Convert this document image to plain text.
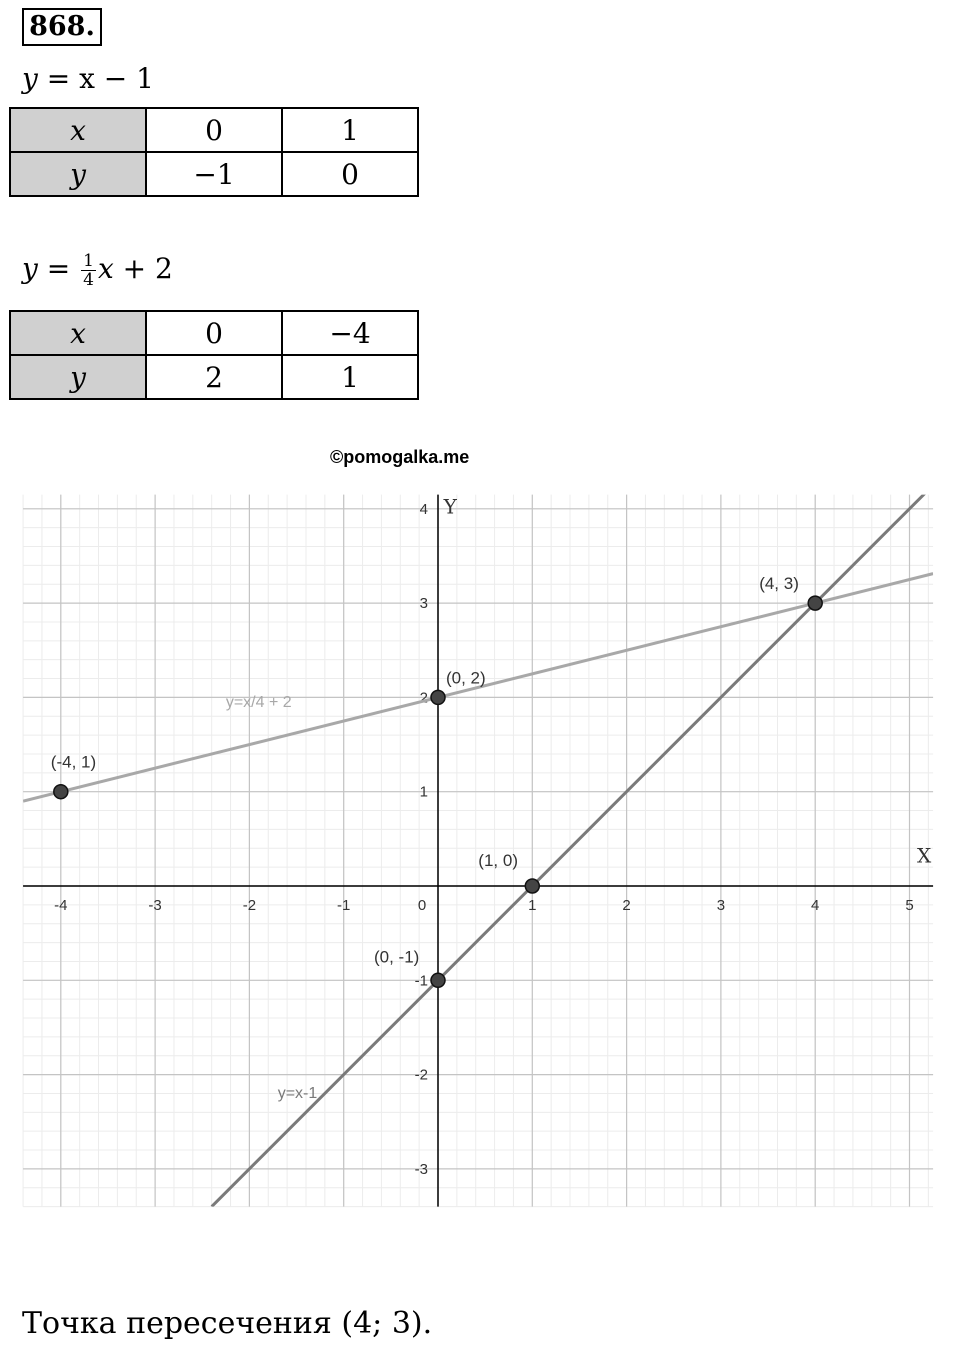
868.
y = x − 1
x	0	1
y	−1	0
$y = \frac{1}{4}$ x + 2
x	0	−4
y	2	1
©pomogalka.me
-4	-3	-2	-1	0	1	2	3	4	5
-3
-2
-1
1
2
3
4
X
Y
y=x-1
y=x/4 + 2
(-4, 1)
(0, 2)
(4, 3)
(1, 0)
(0, -1)
Точка пересечения (4; 3).
